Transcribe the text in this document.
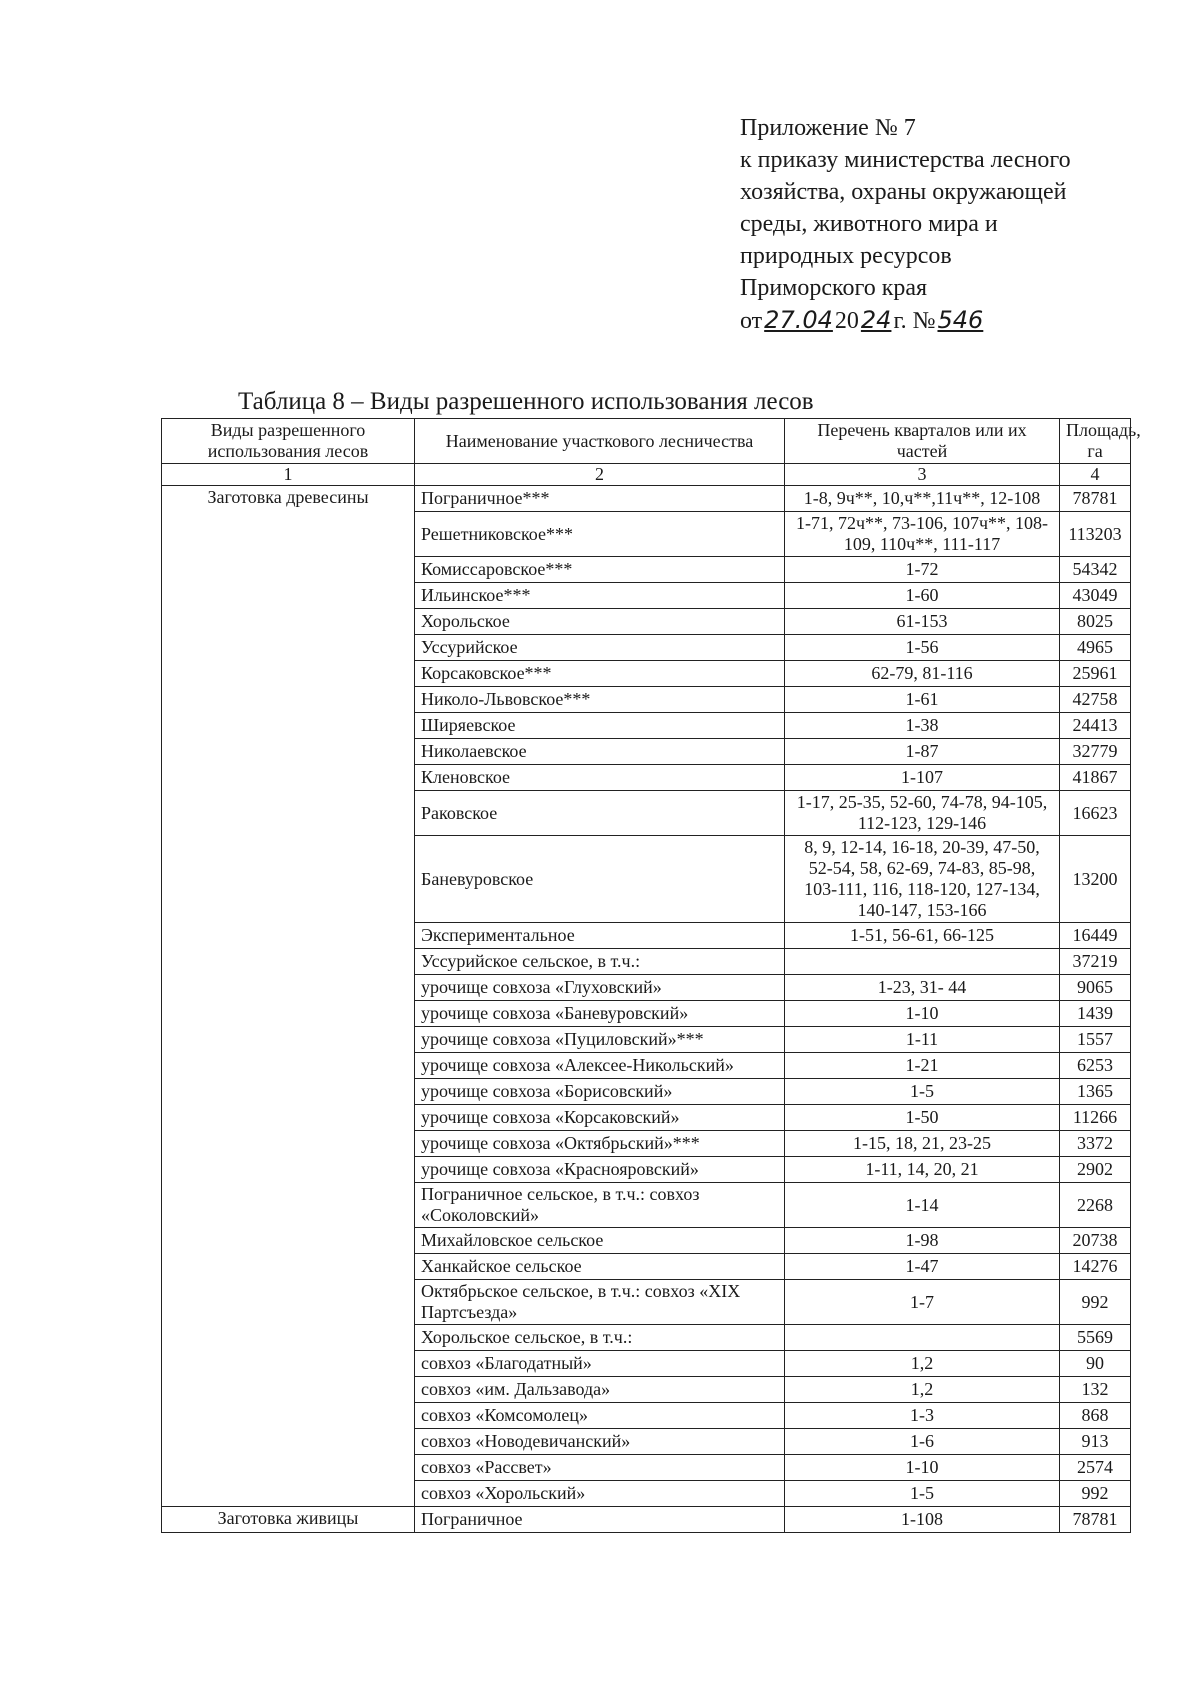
Приложение № 7
к приказу министерства лесного
хозяйства, охраны окружающей
среды, животного мира и
природных ресурсов
Приморского края
от 27.04 20 24 г. № 546
Таблица 8 – Виды разрешенного использования лесов
Виды разрешенного использования лесов	Наименование участкового лесничества	Перечень кварталов или их частей	Площадь, га
1	2	3	4
Заготовка древесины	Пограничное***	1-8, 9ч**, 10,ч**,11ч**, 12-108	78781
	Решетниковское***	1-71, 72ч**, 73-106, 107ч**, 108-109, 110ч**, 111-117	113203
	Комиссаровское***	1-72	54342
	Ильинское***	1-60	43049
	Хорольское	61-153	8025
	Уссурийское	1-56	4965
	Корсаковское***	62-79, 81-116	25961
	Николо-Львовское***	1-61	42758
	Ширяевское	1-38	24413
	Николаевское	1-87	32779
	Кленовское	1-107	41867
	Раковское	1-17, 25-35, 52-60, 74-78, 94-105, 112-123, 129-146	16623
	Баневуровское	8, 9, 12-14, 16-18, 20-39, 47-50, 52-54, 58, 62-69, 74-83, 85-98, 103-111, 116, 118-120, 127-134, 140-147, 153-166	13200
	Экспериментальное	1-51, 56-61, 66-125	16449
	Уссурийское сельское, в т.ч.:		37219
	урочище совхоза «Глуховский»	1-23, 31- 44	9065
	урочище совхоза «Баневуровский»	1-10	1439
	урочище совхоза «Пуциловский»***	1-11	1557
	урочище совхоза «Алексеe-Никольский»	1-21	6253
	урочище совхоза «Борисовский»	1-5	1365
	урочище совхоза «Корсаковский»	1-50	11266
	урочище совхоза «Октябрьский»***	1-15, 18, 21, 23-25	3372
	урочище совхоза «Краснояровский»	1-11, 14, 20, 21	2902
	Пограничное сельское, в т.ч.: совхоз «Соколовский»	1-14	2268
	Михайловское сельское	1-98	20738
	Ханкайское сельское	1-47	14276
	Октябрьское сельское, в т.ч.: совхоз «XIX Партсъезда»	1-7	992
	Хорольское сельское, в т.ч.:		5569
	совхоз «Благодатный»	1,2	90
	совхоз «им. Дальзавода»	1,2	132
	совхоз «Комсомолец»	1-3	868
	совхоз «Новодевичанский»	1-6	913
	совхоз «Рассвет»	1-10	2574
	совхоз «Хорольский»	1-5	992
Заготовка живицы	Пограничное	1-108	78781
